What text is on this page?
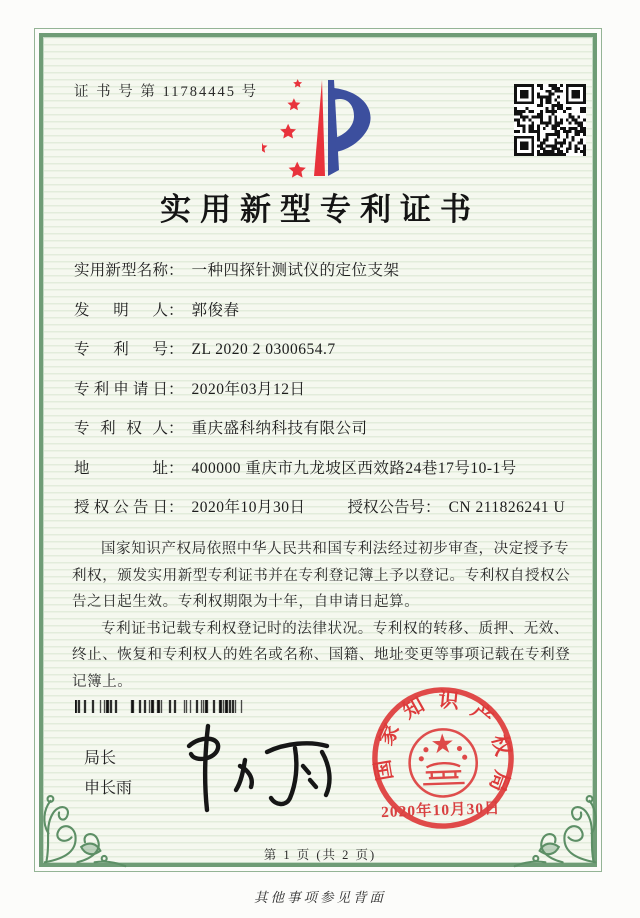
证 书 号 第 11784445 号
实用新型专利证书
实用新型名称： 一种四探针测试仪的定位支架
发明人： 郭俊春
专利号： ZL 2020 2 0300654.7
专利申请日： 2020年03月12日
专利权人： 重庆盛科纳科技有限公司
地址： 400000 重庆市九龙坡区西效路24巷17号10-1号
授权公告日： 2020年10月30日	授权公告号： CN 211826241 U

国家知识产权局依照中华人民共和国专利法经过初步审查，决定授予专利权，颁发实用新型专利证书并在专利登记簿上予以登记。专利权自授权公告之日起生效。专利权期限为十年，自申请日起算。

专利证书记载专利权登记时的法律状况。专利权的转移、质押、无效、终止、恢复和专利权人的姓名或名称、国籍、地址变更等事项记载在专利登记簿上。

局长
申长雨
国家知识产权局
2020年10月30日
第 1 页 (共 2 页)
其他事项参见背面
